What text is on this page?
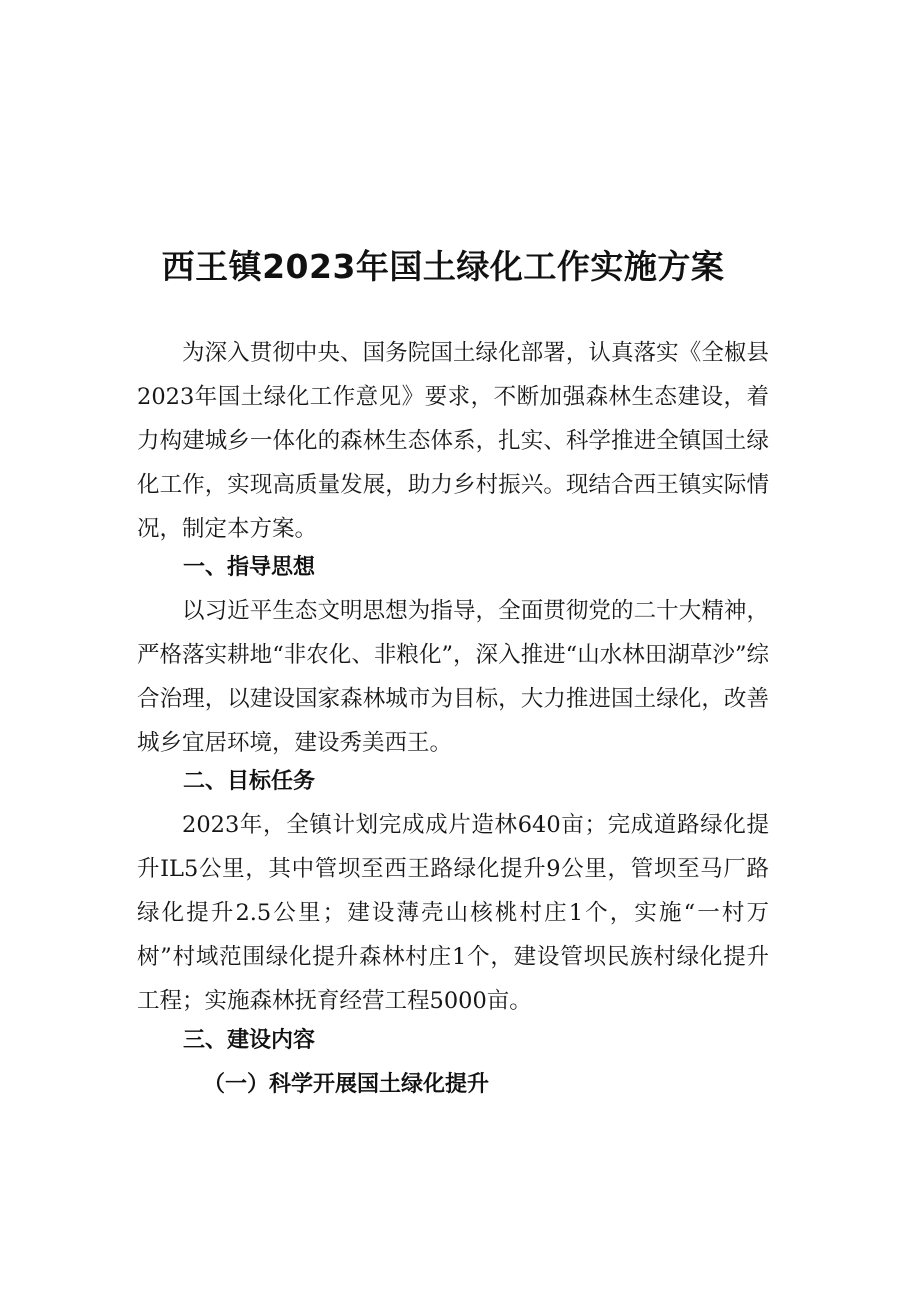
西王镇2023年国土绿化工作实施方案

为深入贯彻中央、国务院国土绿化部署，认真落实《全椒县2023年国土绿化工作意见》要求，不断加强森林生态建设，着力构建城乡一体化的森林生态体系，扎实、科学推进全镇国土绿化工作，实现高质量发展，助力乡村振兴。现结合西王镇实际情况，制定本方案。

一、指导思想

以习近平生态文明思想为指导，全面贯彻党的二十大精神，严格落实耕地“非农化、非粮化”，深入推进“山水林田湖草沙”综合治理，以建设国家森林城市为目标，大力推进国土绿化，改善城乡宜居环境，建设秀美西王。

二、目标任务

2023年，全镇计划完成成片造林640亩；完成道路绿化提升IL5公里，其中管坝至西王路绿化提升9公里，管坝至马厂路绿化提升2.5公里；建设薄壳山核桃村庄1个，实施“一村万树”村域范围绿化提升森林村庄1个，建设管坝民族村绿化提升工程；实施森林抚育经营工程5000亩。

三、建设内容
（一）科学开展国土绿化提升
